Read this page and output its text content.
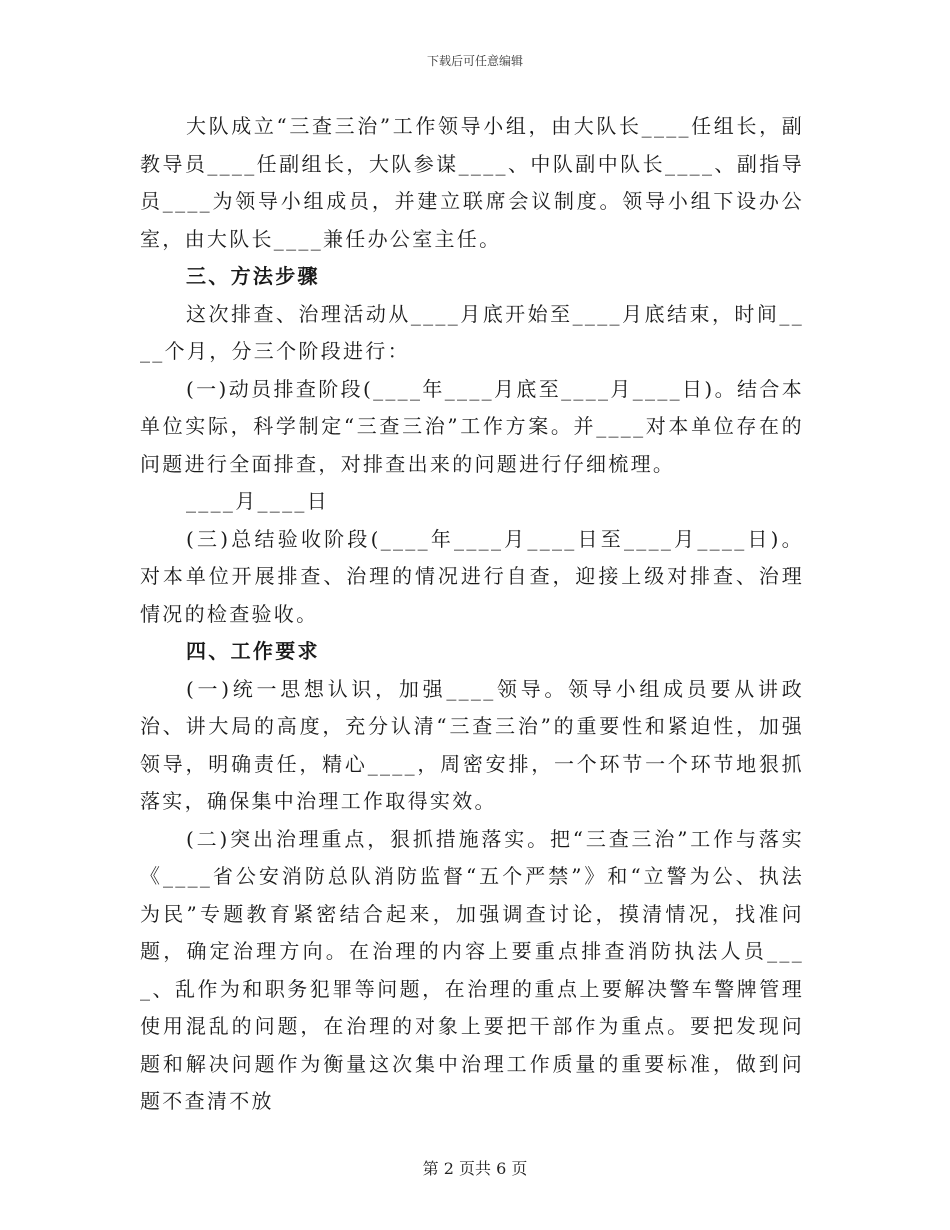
下载后可任意编辑

大队成立“三查三治”工作领导小组，由大队长____任组长，副教导员____任副组长，大队参谋____、中队副中队长____、副指导员____为领导小组成员，并建立联席会议制度。领导小组下设办公室，由大队长____兼任办公室主任。

三、方法步骤

这次排查、治理活动从____月底开始至____月底结束，时间____个月，分三个阶段进行：

(一)动员排查阶段(____年____月底至____月____日)。结合本单位实际，科学制定“三查三治”工作方案。并____对本单位存在的问题进行全面排查，对排查出来的问题进行仔细梳理。

____月____日

(三)总结验收阶段(____年____月____日至____月____日)。对本单位开展排查、治理的情况进行自查，迎接上级对排查、治理情况的检查验收。

四、工作要求

(一)统一思想认识，加强____领导。领导小组成员要从讲政治、讲大局的高度，充分认清“三查三治”的重要性和紧迫性，加强领导，明确责任，精心____，周密安排，一个环节一个环节地狠抓落实，确保集中治理工作取得实效。

(二)突出治理重点，狠抓措施落实。把“三查三治”工作与落实《____省公安消防总队消防监督“五个严禁”》和“立警为公、执法为民”专题教育紧密结合起来，加强调查讨论，摸清情况，找准问题，确定治理方向。在治理的内容上要重点排查消防执法人员____、乱作为和职务犯罪等问题，在治理的重点上要解决警车警牌管理使用混乱的问题，在治理的对象上要把干部作为重点。要把发现问题和解决问题作为衡量这次集中治理工作质量的重要标准，做到问题不查清不放

第 2 页共 6 页
